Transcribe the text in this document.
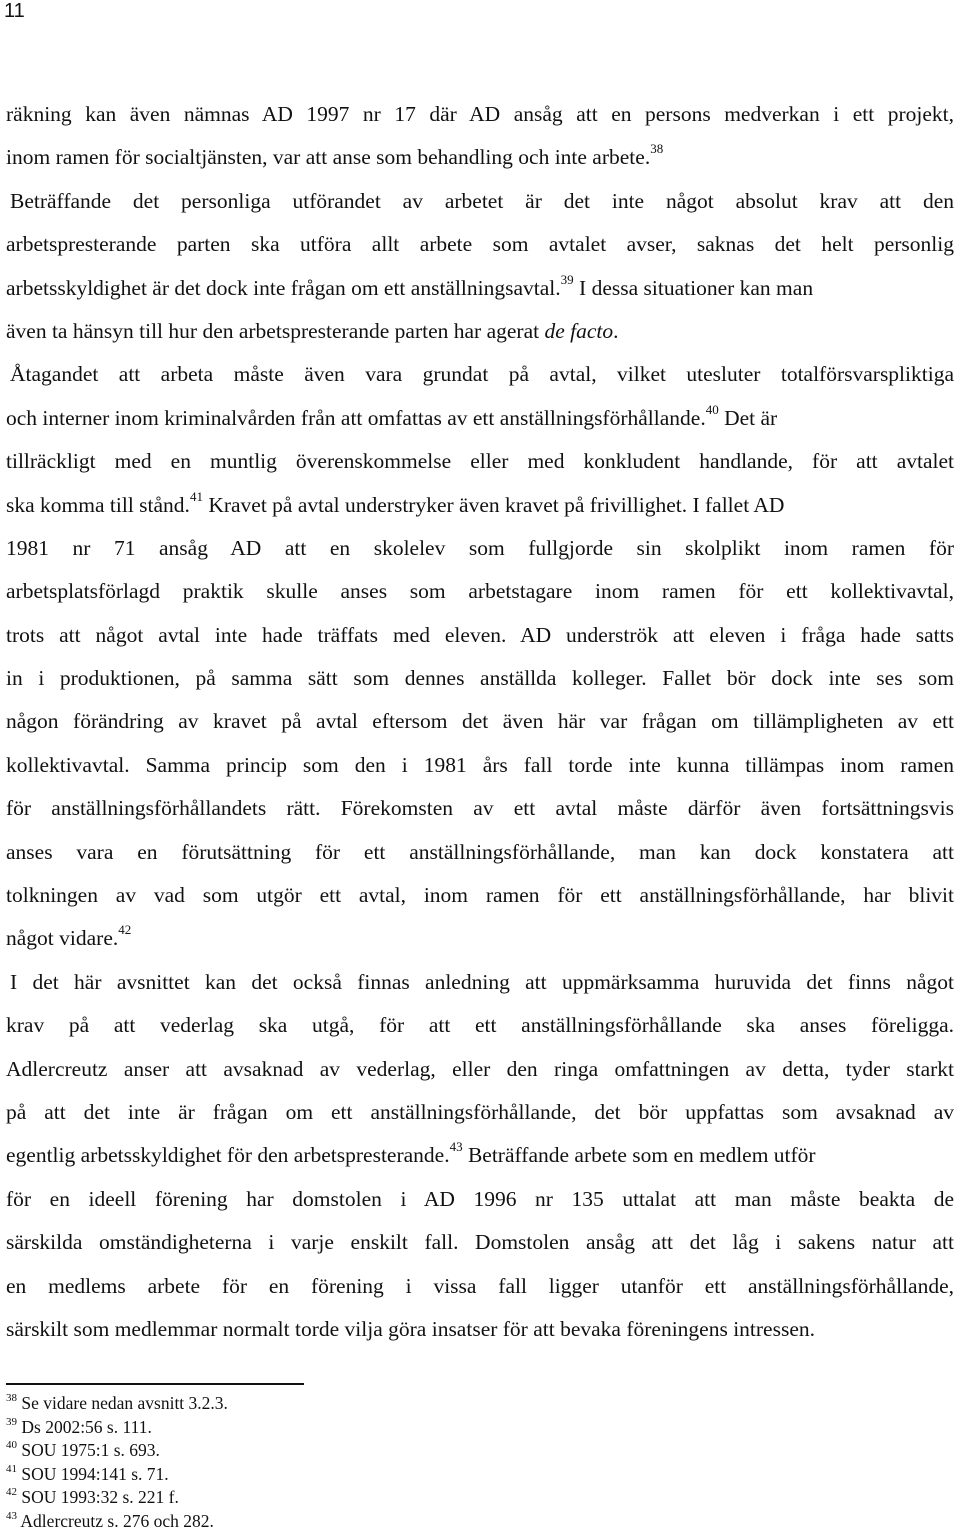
11
räkning kan även nämnas AD 1997 nr 17 där AD ansåg att en persons medverkan i ett projekt,
inom ramen för socialtjänsten, var att anse som behandling och inte arbete.$^{38}$
Beträffande det personliga utförandet av arbetet är det inte något absolut krav att den
arbetspresterande parten ska utföra allt arbete som avtalet avser, saknas det helt personlig
arbetsskyldighet är det dock inte frågan om ett anställningsavtal.$^{39}$ I dessa situationer kan man
även ta hänsyn till hur den arbetspresterande parten har agerat de facto.
Åtagandet att arbeta måste även vara grundat på avtal, vilket utesluter totalförsvarspliktiga
och interner inom kriminalvården från att omfattas av ett anställningsförhållande.$^{40}$ Det är
tillräckligt med en muntlig överenskommelse eller med konkludent handlande, för att avtalet
ska komma till stånd.$^{41}$ Kravet på avtal understryker även kravet på frivillighet. I fallet AD
1981 nr 71 ansåg AD att en skolelev som fullgjorde sin skolplikt inom ramen för
arbetsplatsförlagd praktik skulle anses som arbetstagare inom ramen för ett kollektivavtal,
trots att något avtal inte hade träffats med eleven. AD underströk att eleven i fråga hade satts
in i produktionen, på samma sätt som dennes anställda kolleger. Fallet bör dock inte ses som
någon förändring av kravet på avtal eftersom det även här var frågan om tillämpligheten av ett
kollektivavtal. Samma princip som den i 1981 års fall torde inte kunna tillämpas inom ramen
för anställningsförhållandets rätt. Förekomsten av ett avtal måste därför även fortsättningsvis
anses vara en förutsättning för ett anställningsförhållande, man kan dock konstatera att
tolkningen av vad som utgör ett avtal, inom ramen för ett anställningsförhållande, har blivit
något vidare.$^{42}$
I det här avsnittet kan det också finnas anledning att uppmärksamma huruvida det finns något
krav på att vederlag ska utgå, för att ett anställningsförhållande ska anses föreligga.
Adlercreutz anser att avsaknad av vederlag, eller den ringa omfattningen av detta, tyder starkt
på att det inte är frågan om ett anställningsförhållande, det bör uppfattas som avsaknad av
egentlig arbetsskyldighet för den arbetspresterande.$^{43}$ Beträffande arbete som en medlem utför
för en ideell förening har domstolen i AD 1996 nr 135 uttalat att man måste beakta de
särskilda omständigheterna i varje enskilt fall. Domstolen ansåg att det låg i sakens natur att
en medlems arbete för en förening i vissa fall ligger utanför ett anställningsförhållande,
särskilt som medlemmar normalt torde vilja göra insatser för att bevaka föreningens intressen.
$^{38}$ Se vidare nedan avsnitt 3.2.3.
$^{39}$ Ds 2002:56 s. 111.
$^{40}$ SOU 1975:1 s. 693.
$^{41}$ SOU 1994:141 s. 71.
$^{42}$ SOU 1993:32 s. 221 f.
$^{43}$ Adlercreutz s. 276 och 282.
